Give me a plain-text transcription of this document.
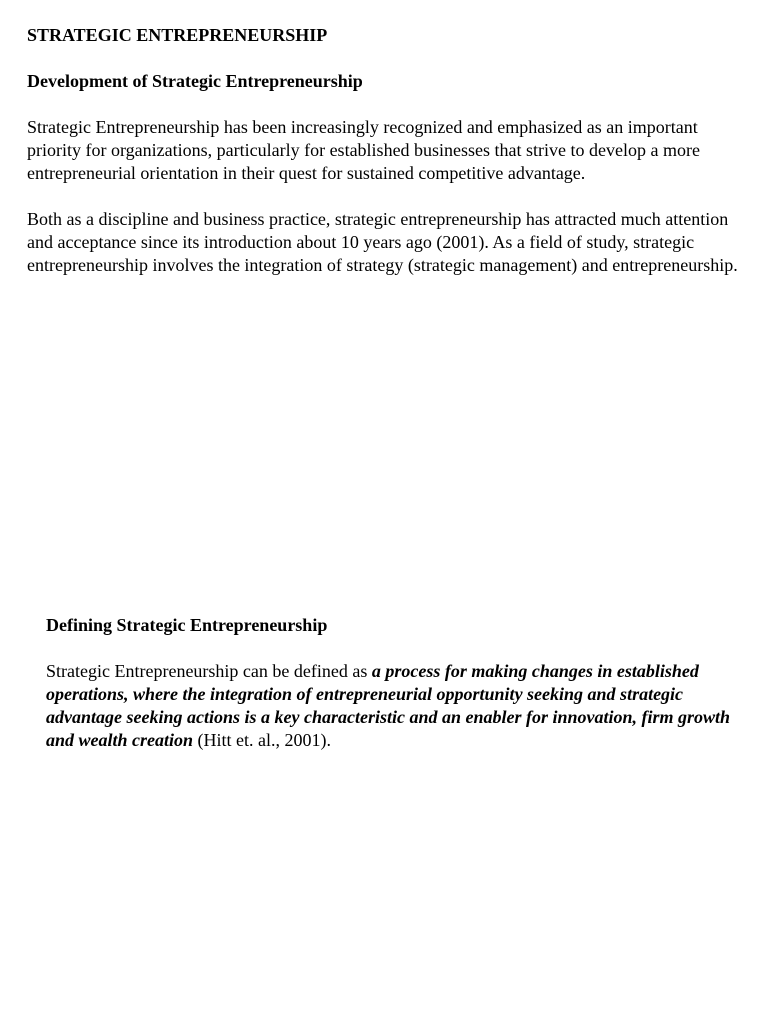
STRATEGIC ENTREPRENEURSHIP

Development of Strategic Entrepreneurship

Strategic Entrepreneurship has been increasingly recognized and emphasized as an important priority for organizations, particularly for established businesses that strive to develop a more entrepreneurial orientation in their quest for sustained competitive advantage.

Both as a discipline and business practice, strategic entrepreneurship has attracted much attention and acceptance since its introduction about 10 years ago (2001). As a field of study, strategic entrepreneurship involves the integration of strategy (strategic management) and entrepreneurship.

Defining Strategic Entrepreneurship

Strategic Entrepreneurship can be defined as a process for making changes in established operations, where the integration of entrepreneurial opportunity seeking and strategic advantage seeking actions is a key characteristic and an enabler for innovation, firm growth and wealth creation (Hitt et. al., 2001).
